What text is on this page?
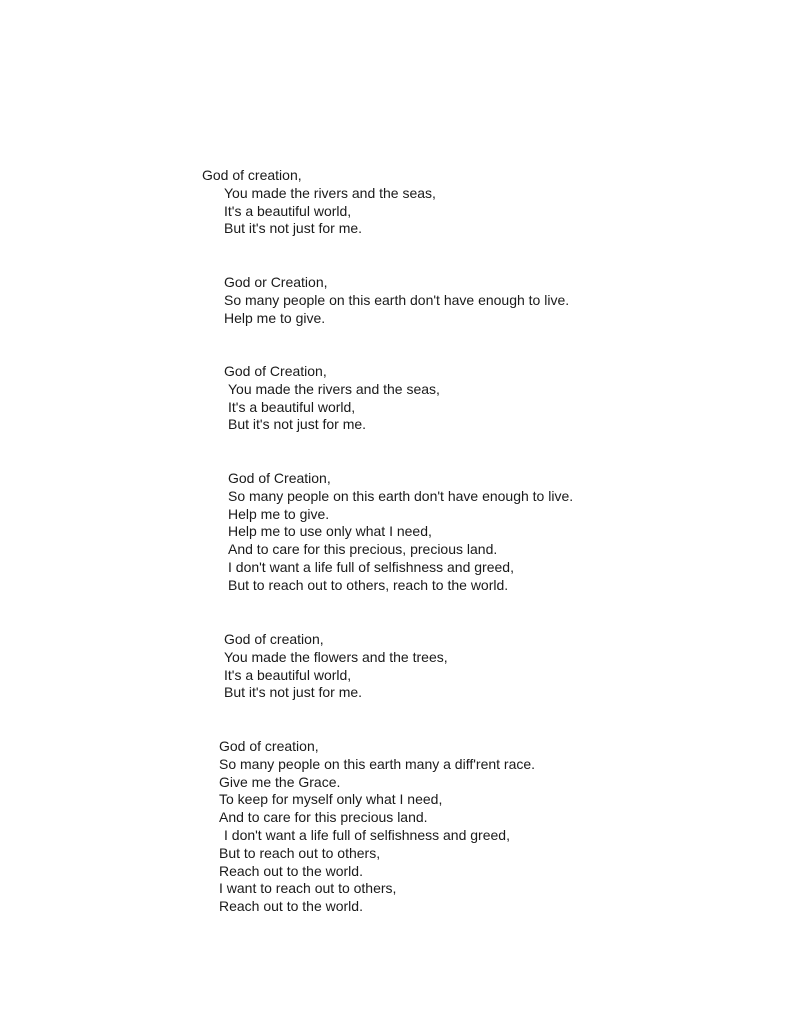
God of creation,
You made the rivers and the seas,
It's a beautiful world,
But it's not just for me.
God or Creation,
So many people on this earth don't have enough to live.
Help me to give.
God of Creation,
You made the rivers and the seas,
It's a beautiful world,
But it's not just for me.
God of Creation,
So many people on this earth don't have enough to live.
Help me to give.
Help me to use only what I need,
And to care for this precious, precious land.
I don't want a life full of selfishness and greed,
But to reach out to others, reach to the world.
God of creation,
You made the flowers and the trees,
It's a beautiful world,
But it's not just for me.
God of creation,
So many people on this earth many a diff'rent race.
Give me the Grace.
To keep for myself only what I need,
And to care for this precious land.
I don't want a life full of selfishness and greed,
But to reach out to others,
Reach out to the world.
I want to reach out to others,
Reach out to the world.
